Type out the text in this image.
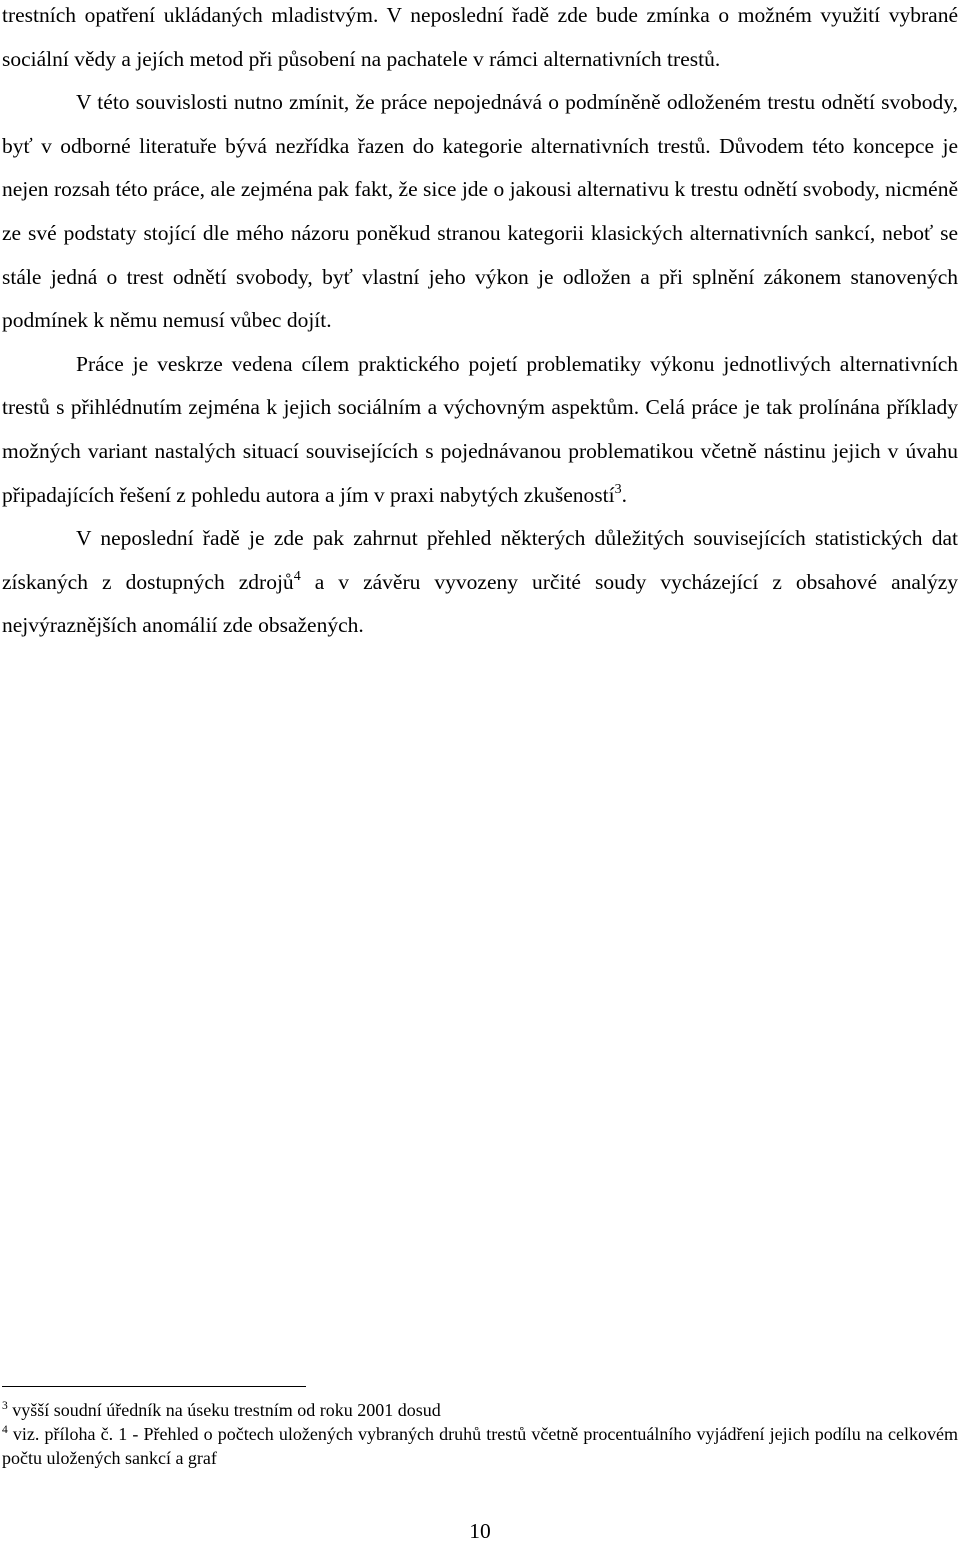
trestních opatření ukládaných mladistvým. V neposlední řadě zde bude zmínka o možném využití vybrané sociální vědy a jejích metod při působení na pachatele v rámci alternativních trestů.

V této souvislosti nutno zmínit, že práce nepojednává o podmíněně odloženém trestu odnětí svobody, byť v odborné literatuře bývá nezřídka řazen do kategorie alternativních trestů. Důvodem této koncepce je nejen rozsah této práce, ale zejména pak fakt, že sice jde o jakousi alternativu k trestu odnětí svobody, nicméně ze své podstaty stojící dle mého názoru poněkud stranou kategorii klasických alternativních sankcí, neboť se stále jedná o trest odnětí svobody, byť vlastní jeho výkon je odložen a při splnění zákonem stanovených podmínek k němu nemusí vůbec dojít.

Práce je veskrze vedena cílem praktického pojetí problematiky výkonu jednotlivých alternativních trestů s přihlédnutím zejména k jejich sociálním a výchovným aspektům. Celá práce je tak prolínána příklady možných variant nastalých situací souvisejících s pojednávanou problematikou včetně nástinu jejich v úvahu připadajících řešení z pohledu autora a jím v praxi nabytých zkušeností$^3$.

V neposlední řadě je zde pak zahrnut přehled některých důležitých souvisejících statistických dat získaných z dostupných zdrojů$^4$ a v závěru vyvozeny určité soudy vycházející z obsahové analýzy nejvýraznějších anomálií zde obsažených.

$^3$ vyšší soudní úředník na úseku trestním od roku 2001 dosud

$^4$ viz. příloha č. 1 - Přehled o počtech uložených vybraných druhů trestů včetně procentuálního vyjádření jejich podílu na celkovém počtu uložených sankcí a graf

10
